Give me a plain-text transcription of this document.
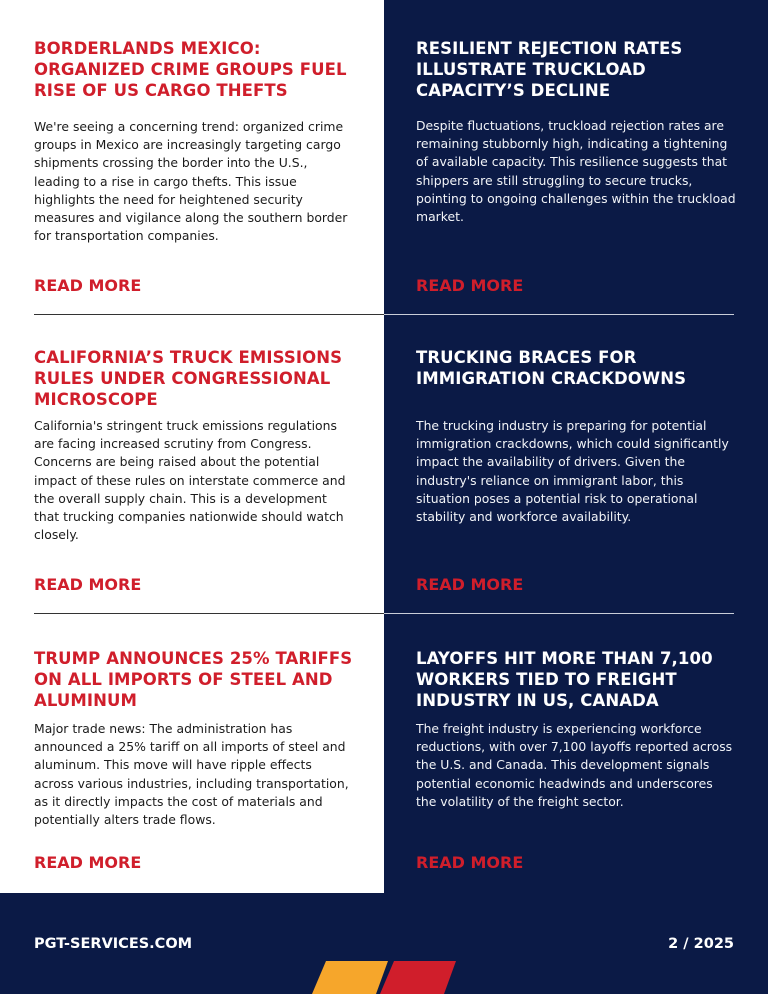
BORDERLANDS MEXICO: ORGANIZED CRIME GROUPS FUEL RISE OF US CARGO THEFTS
We're seeing a concerning trend: organized crime groups in Mexico are increasingly targeting cargo shipments crossing the border into the U.S., leading to a rise in cargo thefts. This issue highlights the need for heightened security measures and vigilance along the southern border for transportation companies.
READ MORE
RESILIENT REJECTION RATES ILLUSTRATE TRUCKLOAD CAPACITY’S DECLINE
Despite fluctuations, truckload rejection rates are remaining stubbornly high, indicating a tightening of available capacity. This resilience suggests that shippers are still struggling to secure trucks, pointing to ongoing challenges within the truckload market.
READ MORE
CALIFORNIA’S TRUCK EMISSIONS RULES UNDER CONGRESSIONAL MICROSCOPE
California's stringent truck emissions regulations are facing increased scrutiny from Congress. Concerns are being raised about the potential impact of these rules on interstate commerce and the overall supply chain. This is a development that trucking companies nationwide should watch closely.
READ MORE
TRUCKING BRACES FOR IMMIGRATION CRACKDOWNS
The trucking industry is preparing for potential immigration crackdowns, which could significantly impact the availability of drivers. Given the industry's reliance on immigrant labor, this situation poses a potential risk to operational stability and workforce availability.
READ MORE
TRUMP ANNOUNCES 25% TARIFFS ON ALL IMPORTS OF STEEL AND ALUMINUM
Major trade news: The administration has announced a 25% tariff on all imports of steel and aluminum. This move will have ripple effects across various industries, including transportation, as it directly impacts the cost of materials and potentially alters trade flows.
READ MORE
LAYOFFS HIT MORE THAN 7,100 WORKERS TIED TO FREIGHT INDUSTRY IN US, CANADA
The freight industry is experiencing workforce reductions, with over 7,100 layoffs reported across the U.S. and Canada. This development signals potential economic headwinds and underscores the volatility of the freight sector.
READ MORE
PGT-SERVICES.COM	2 / 2025
